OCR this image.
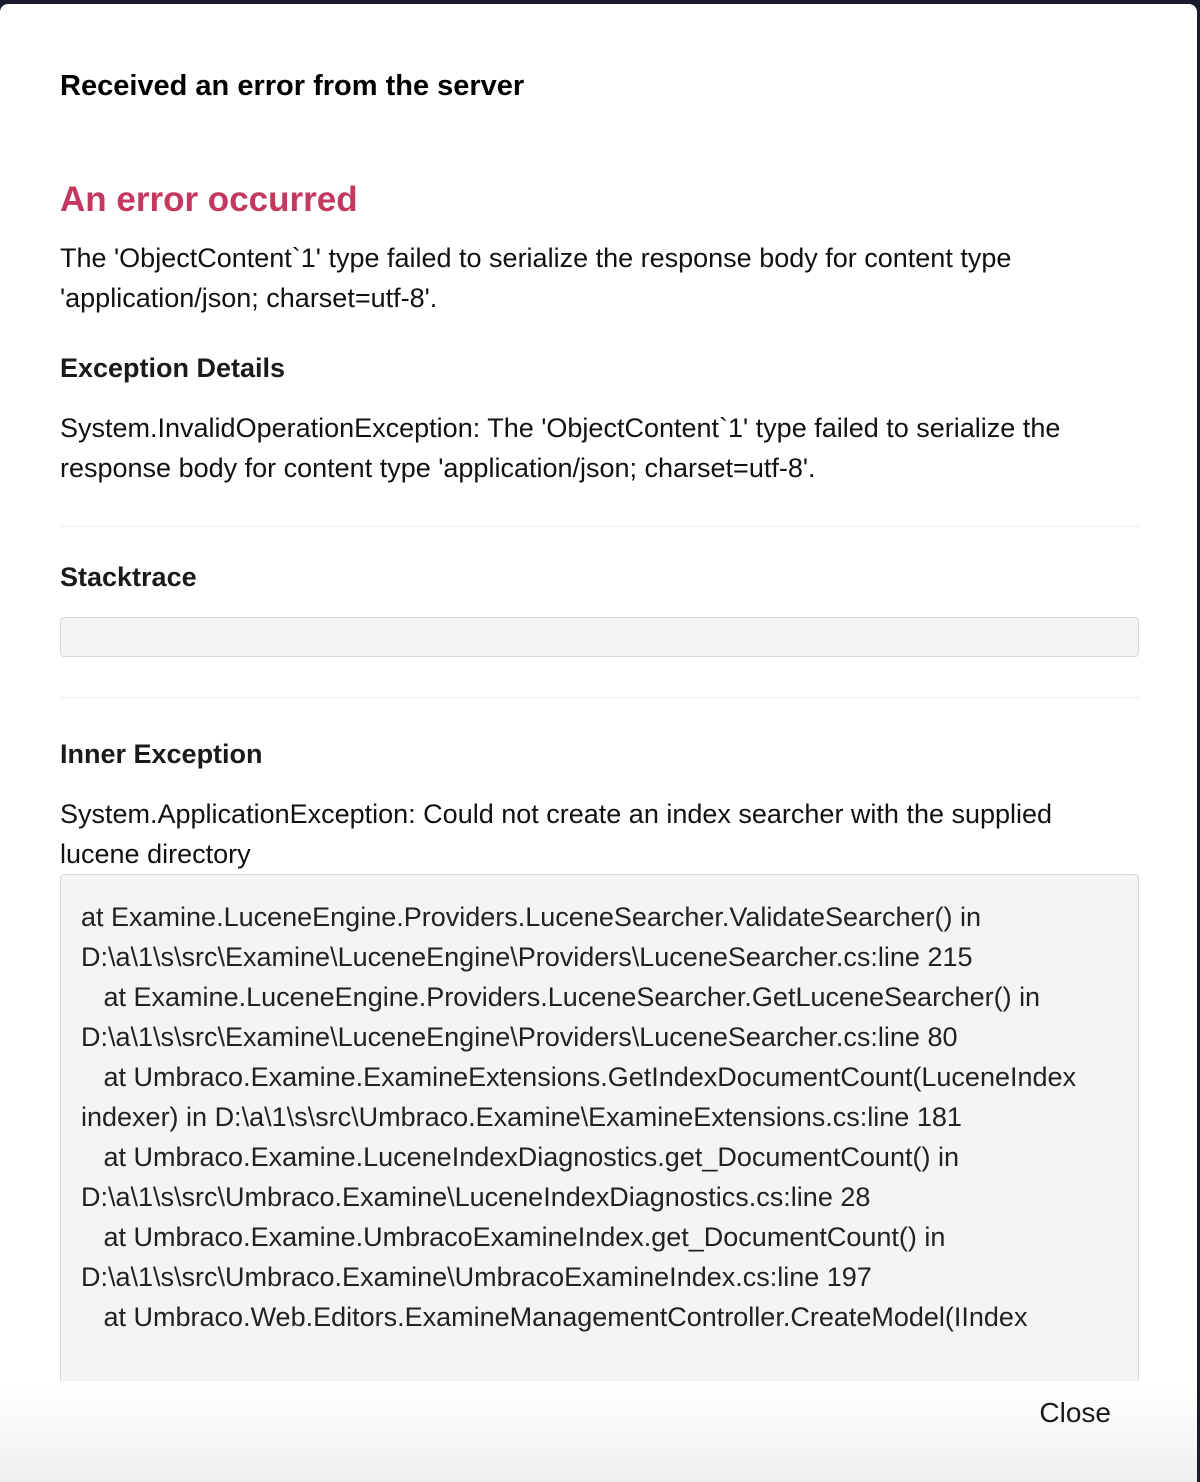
Received an error from the server
An error occurred

The 'ObjectContent`1' type failed to serialize the response body for content type 'application/json; charset=utf-8'.

Exception Details

System.InvalidOperationException: The 'ObjectContent`1' type failed to serialize the response body for content type 'application/json; charset=utf-8'.

Stacktrace
Inner Exception

System.ApplicationException: Could not create an index searcher with the supplied lucene directory

at Examine.LuceneEngine.Providers.LuceneSearcher.ValidateSearcher() in D:\a\1\s\src\Examine\LuceneEngine\Providers\LuceneSearcher.cs:line 215
at Examine.LuceneEngine.Providers.LuceneSearcher.GetLuceneSearcher() in D:\a\1\s\src\Examine\LuceneEngine\Providers\LuceneSearcher.cs:line 80
at Umbraco.Examine.ExamineExtensions.GetIndexDocumentCount(LuceneIndex indexer) in D:\a\1\s\src\Umbraco.Examine\ExamineExtensions.cs:line 181
at Umbraco.Examine.LuceneIndexDiagnostics.get_DocumentCount() in D:\a\1\s\src\Umbraco.Examine\LuceneIndexDiagnostics.cs:line 28
at Umbraco.Examine.UmbracoExamineIndex.get_DocumentCount() in D:\a\1\s\src\Umbraco.Examine\UmbracoExamineIndex.cs:line 197
at Umbraco.Web.Editors.ExamineManagementController.CreateModel(IIndex
Close
